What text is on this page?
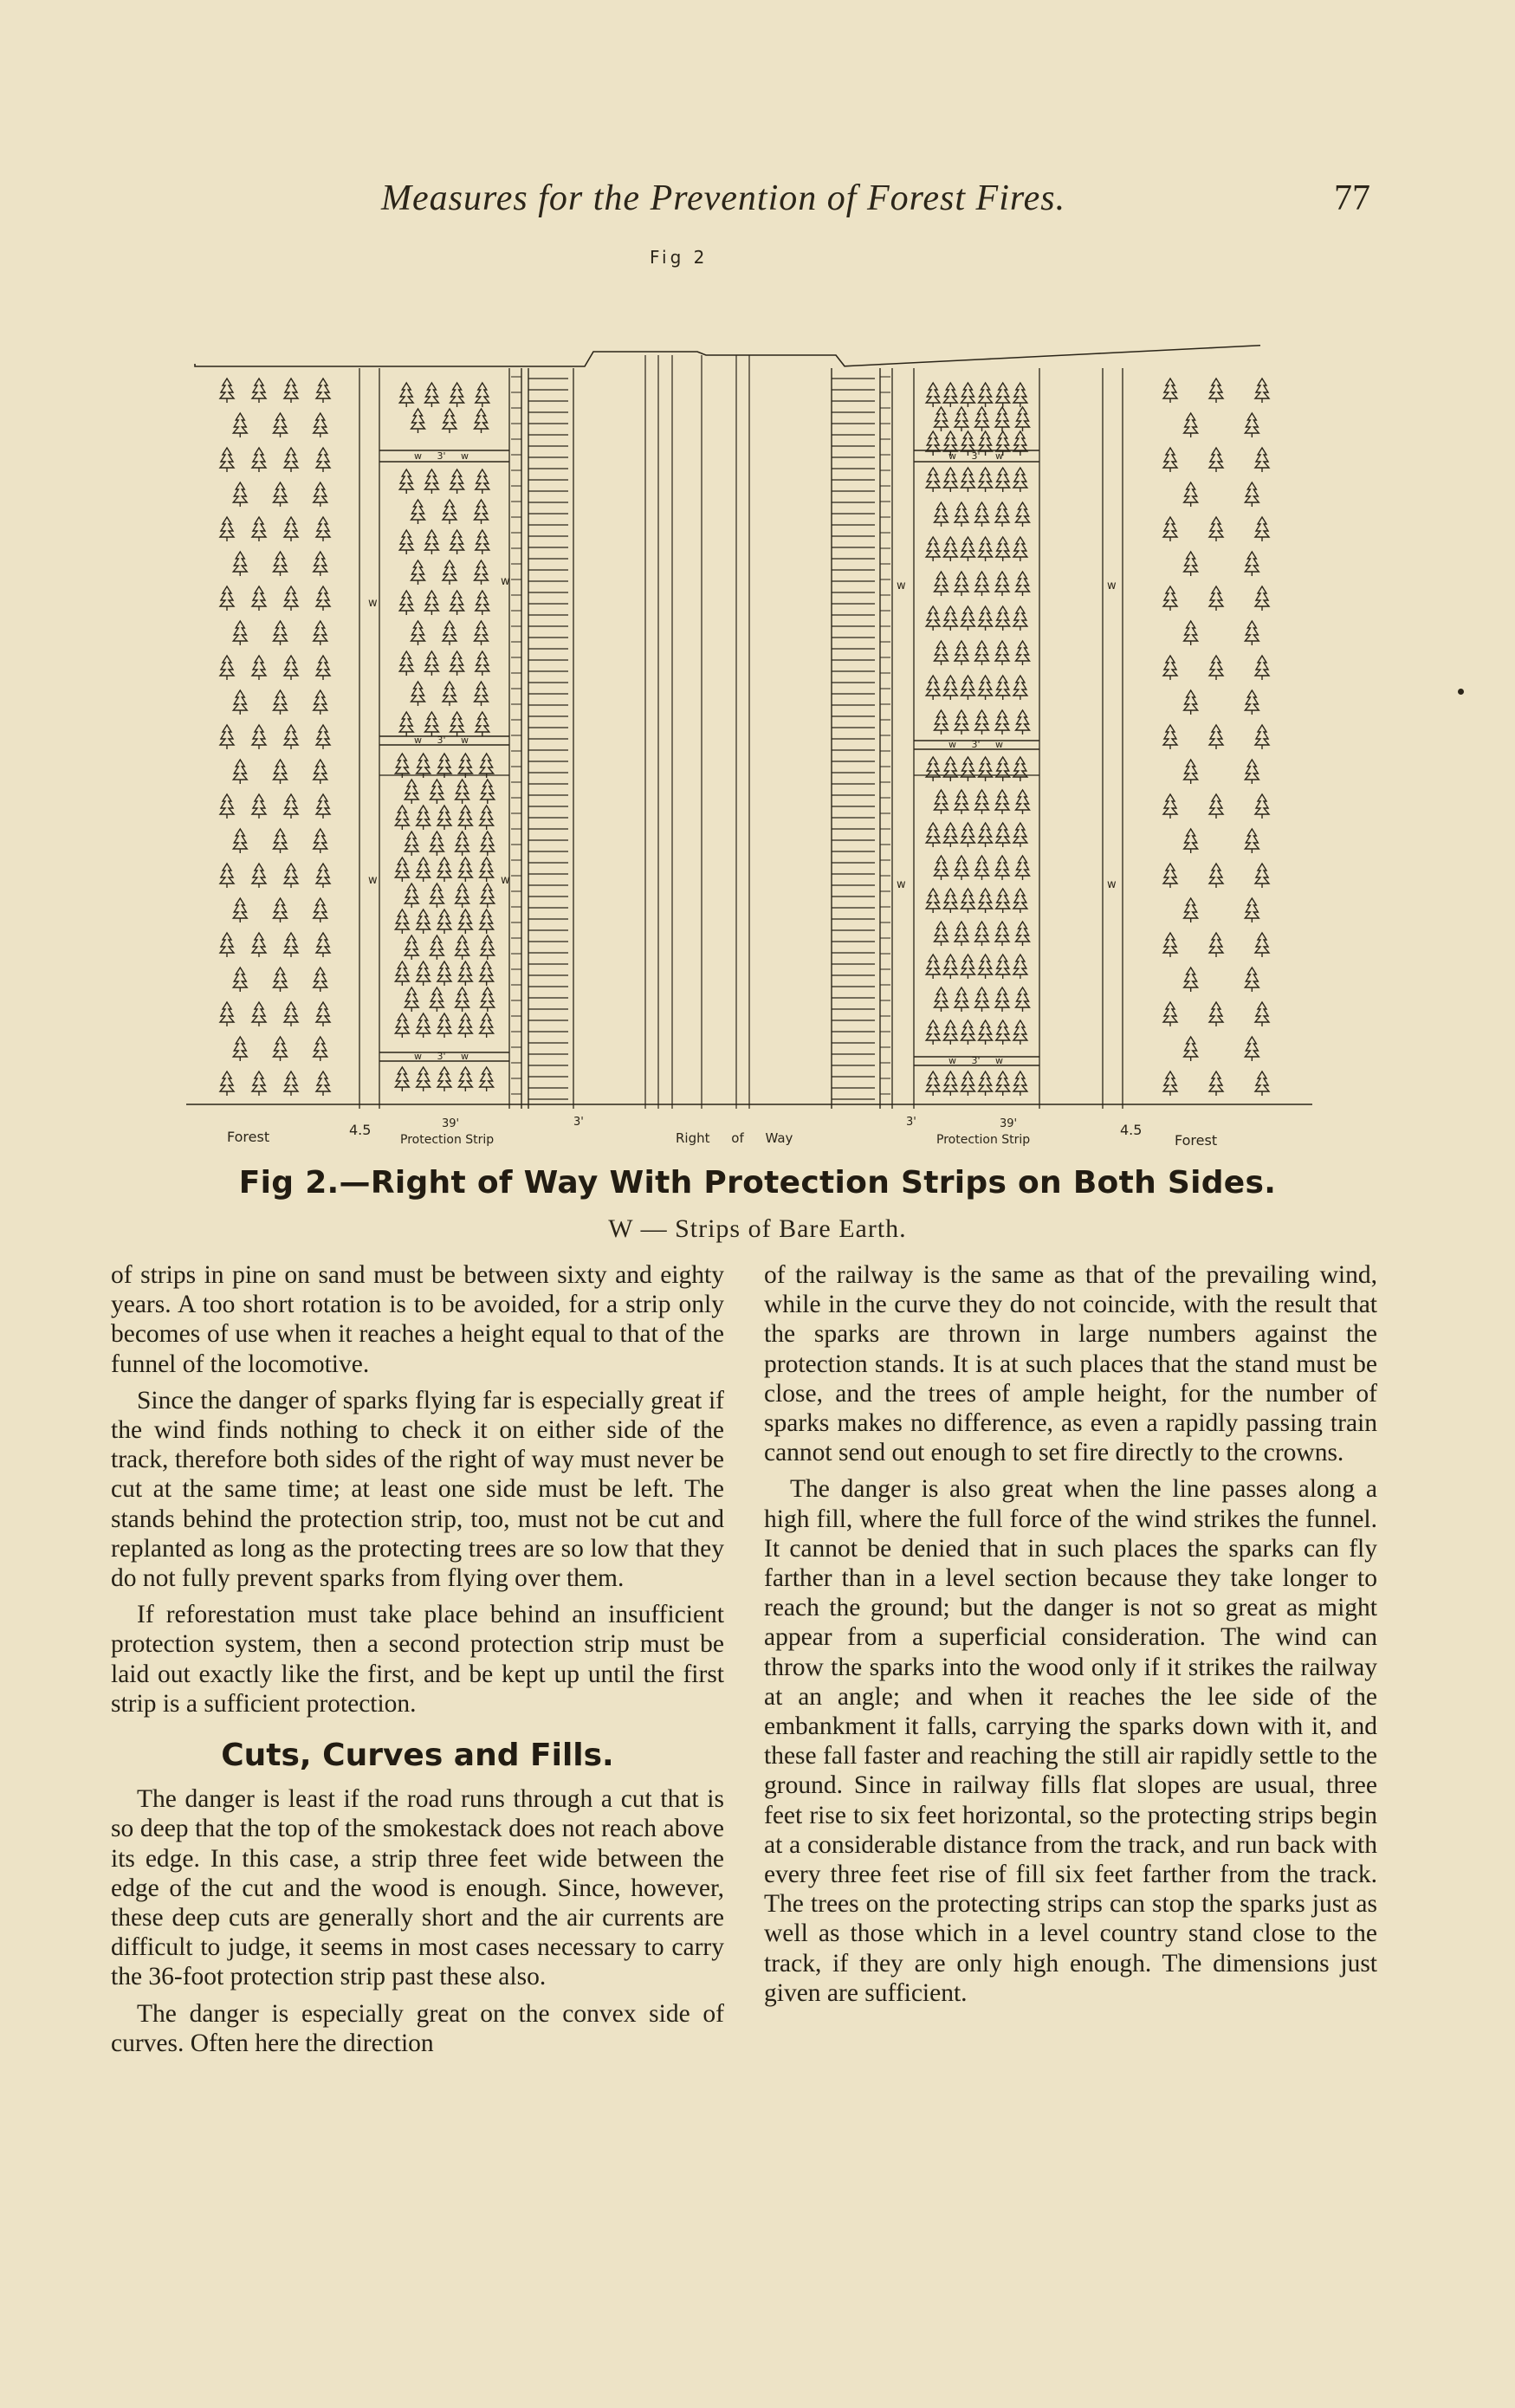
Measures for the Prevention of Forest Fires.	77
Fig 2
w
w
w
w
w
w
w
w
w 3' w
w 3' w
w 3' w
w 3' w
w 3' w
w 3' w
Forest	4.5	39'
Protection Strip
3'
Right of Way
3'	39'
Protection Strip
4.5
Forest
Fig 2.—Right of Way With Protection Strips on Both Sides.
W — Strips of Bare Earth.

of strips in pine on sand must be between sixty and eighty years. A too short rotation is to be avoided, for a strip only becomes of use when it reaches a height equal to that of the funnel of the locomotive.

Since the danger of sparks flying far is especially great if the wind finds nothing to check it on either side of the track, therefore both sides of the right of way must never be cut at the same time; at least one side must be left. The stands behind the protection strip, too, must not be cut and replanted as long as the protecting trees are so low that they do not fully prevent sparks from flying over them.

If reforestation must take place behind an insufficient protection system, then a second protection strip must be laid out exactly like the first, and be kept up until the first strip is a sufficient protection.

Cuts, Curves and Fills.

The danger is least if the road runs through a cut that is so deep that the top of the smokestack does not reach above its edge. In this case, a strip three feet wide between the edge of the cut and the wood is enough. Since, however, these deep cuts are generally short and the air currents are difficult to judge, it seems in most cases necessary to carry the 36-foot protection strip past these also.

The danger is especially great on the convex side of curves. Often here the direction

of the railway is the same as that of the prevailing wind, while in the curve they do not coincide, with the result that the sparks are thrown in large numbers against the protection stands. It is at such places that the stand must be close, and the trees of ample height, for the number of sparks makes no difference, as even a rapidly passing train cannot send out enough to set fire directly to the crowns.

The danger is also great when the line passes along a high fill, where the full force of the wind strikes the funnel. It cannot be denied that in such places the sparks can fly farther than in a level section because they take longer to reach the ground; but the danger is not so great as might appear from a superficial consideration. The wind can throw the sparks into the wood only if it strikes the railway at an angle; and when it reaches the lee side of the embankment it falls, carrying the sparks down with it, and these fall faster and reaching the still air rapidly settle to the ground. Since in railway fills flat slopes are usual, three feet rise to six feet horizontal, so the protecting strips begin at a considerable distance from the track, and run back with every three feet rise of fill six feet farther from the track. The trees on the protecting strips can stop the sparks just as well as those which in a level country stand close to the track, if they are only high enough. The dimensions just given are sufficient.
